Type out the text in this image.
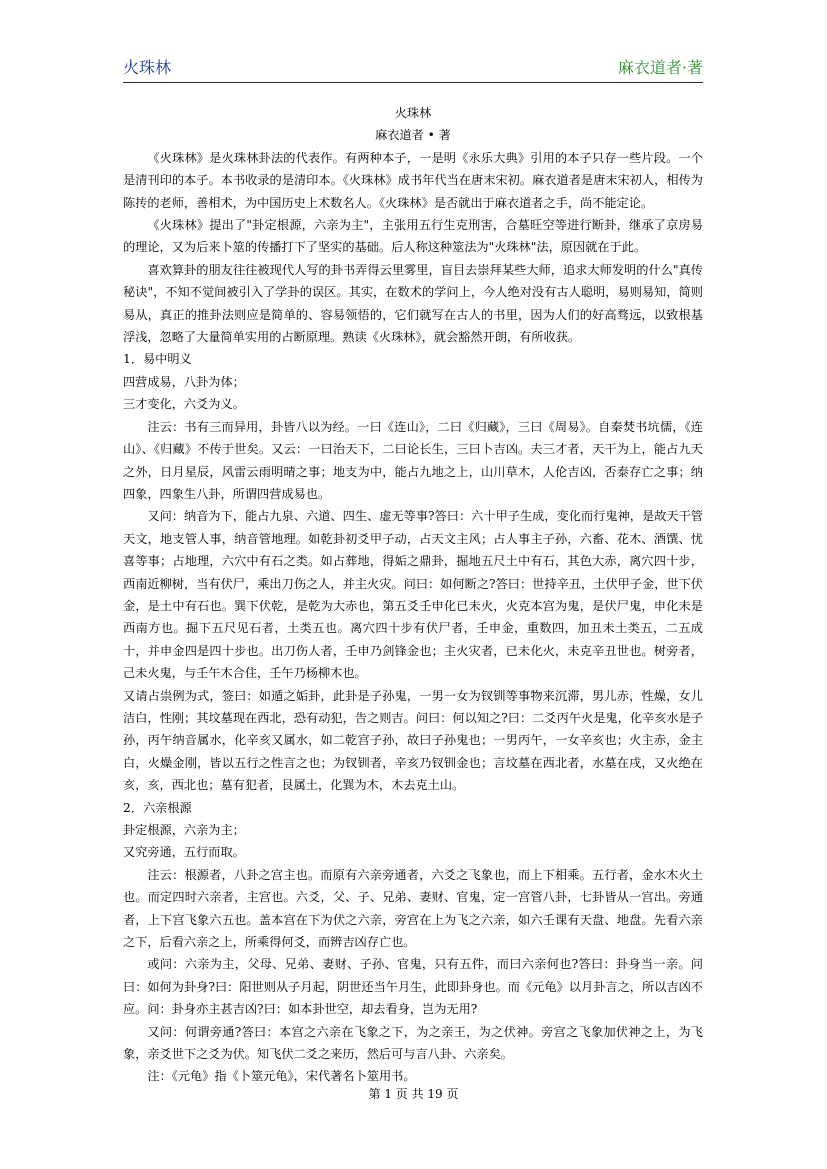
火珠林	麻衣道者·著

火珠林

麻衣道者 • 著

《火珠林》是火珠林卦法的代表作。有两种本子，一是明《永乐大典》引用的本子只存一些片段。一个是清刊印的本子。本书收录的是清印本。《火珠林》成书年代当在唐末宋初。麻衣道者是唐末宋初人，相传为陈抟的老师，善相术，为中国历史上术数名人。《火珠林》是否就出于麻衣道者之手，尚不能定论。

《火珠林》提出了"卦定根源，六亲为主"，主张用五行生克刑害，合墓旺空等进行断卦，继承了京房易的理论，又为后来卜筮的传播打下了坚实的基础。后人称这种筮法为"火珠林"法，原因就在于此。

喜欢算卦的朋友往往被现代人写的卦书弄得云里雾里，盲目去崇拜某些大师，追求大师发明的什么"真传秘诀"，不知不觉间被引入了学卦的误区。其实，在数术的学问上，今人绝对没有古人聪明，易则易知，简则易从，真正的推卦法则应是简单的、容易领悟的，它们就写在古人的书里，因为人们的好高骛远，以致根基浮浅，忽略了大量简单实用的占断原理。熟读《火珠林》，就会豁然开朗，有所收获。

1．易中明义

四营成易，八卦为体；

三才变化，六爻为义。

注云：书有三而异用，卦皆八以为经。一曰《连山》，二曰《归藏》，三曰《周易》。自秦焚书坑儒，《连山》、《归藏》不传于世矣。又云：一曰治天下，二曰论长生，三曰卜吉凶。夫三才者，天干为上，能占九天之外，日月星辰，风雷云雨明晴之事；地支为中，能占九地之上，山川草木，人伦吉凶，否泰存亡之事；纳四象，四象生八卦，所谓四营成易也。

又问：纳音为下，能占九泉、六道、四生、虚无等事?答曰：六十甲子生成，变化而行鬼神，是故天干管天文，地支管人事，纳音管地理。如乾卦初爻甲子动，占天文主风；占人事主子孙，六畜、花木、酒馔、忧喜等事；占地理，六穴中有石之类。如占葬地，得姤之鼎卦，掘地五尺土中有石，其色大赤，离穴四十步，西南近柳树，当有伏尸，乘出刀伤之人，并主火灾。问曰：如何断之?答曰：世持辛丑，土伏甲子金，世下伏金，是土中有石也。巽下伏乾，是乾为大赤也，第五爻壬申化已未火，火克本宫为鬼，是伏尸鬼，申化未是西南方也。掘下五尺见石者，土类五也。离穴四十步有伏尸者，壬申金，重数四，加丑未土类五，二五成十，并申金四是四十步也。出刀伤人者，壬申乃剑锋金也；主火灾者，已未化火，未克辛丑世也。树旁者，己未火鬼，与壬午木合住，壬午乃杨柳木也。

又请占祟例为式，签曰：如遁之姤卦，此卦是子孙鬼，一男一女为钗钏等事物来沉滞，男儿赤，性燥，女儿洁白，性刚；其坟墓现在西北，恐有动犯，告之则吉。问曰：何以知之?曰：二爻丙午火是鬼，化辛亥水是子孙，丙午纳音属水，化辛亥又属水，如二乾宫子孙，故曰子孙鬼也；一男丙午，一女辛亥也；火主赤，金主白，火燥金刚，皆以五行之性言之也；为钗钏者，辛亥乃钗钏金也；言坟墓在西北者，水墓在戌，又火绝在亥，亥，西北也；墓有犯者，艮属土，化巽为木，木去克土山。

2．六亲根源

卦定根源，六亲为主；

又究旁通，五行而取。

注云：根源者，八卦之宫主也。而原有六亲旁通者，六爻之飞象也，而上下相乘。五行者，金水木火土也。而定四时六亲者，主宫也。六爻，父、子、兄弟、妻财、官鬼，定一宫管八卦，七卦皆从一宫出。旁通者，上下宫飞象六五也。盖本宫在下为伏之六亲，旁宫在上为飞之六亲，如六壬课有天盘、地盘。先看六亲之下，后看六亲之上，所乘得何爻，而辨吉凶存亡也。

或问：六亲为主，父母、兄弟、妻财、子孙、官鬼，只有五件，而曰六亲何也?答曰：卦身当一亲。问曰：如何为卦身?曰：阳世则从子月起，阴世还当午月生，此即卦身也。而《元龟》以月卦言之，所以吉凶不应。问：卦身亦主甚吉凶?曰：如本卦世空，却去看身，岂为无用?

又问：何谓旁通?答曰：本宫之六亲在飞象之下，为之亲王，为之伏神。旁宫之飞象加伏神之上，为飞象，亲爻世下之爻为伏。知飞伏二爻之来历，然后可与言八卦、六亲矣。

注：《元龟》指《卜筮元龟》，宋代著名卜筮用书。

第 1 页 共 19 页
